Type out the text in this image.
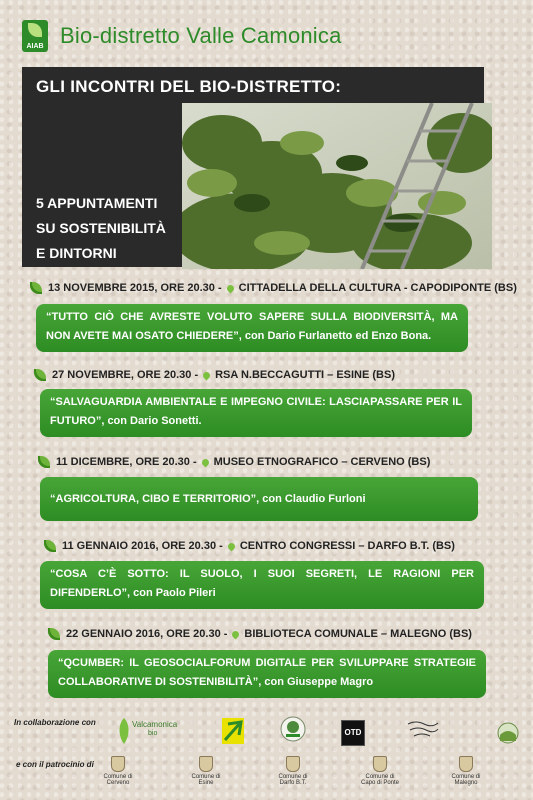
AIAB Bio-distretto Valle Camonica
GLI INCONTRI DEL BIO-DISTRETTO:
5 APPUNTAMENTI
SU SOSTENIBILITÀ
E DINTORNI
13 NOVEMBRE 2015, ORE 20.30 - CITTADELLA DELLA CULTURA - CAPODIPONTE (BS)
“TUTTO CIÒ CHE AVRESTE VOLUTO SAPERE SULLA BIODIVERSITÀ, MA NON AVETE MAI OSATO CHIEDERE”, con Dario Furlanetto ed Enzo Bona.
27 NOVEMBRE, ORE 20.30 - RSA N.BECCAGUTTI – ESINE (BS)
“SALVAGUARDIA AMBIENTALE E IMPEGNO CIVILE: LASCIAPASSARE PER IL FUTURO”, con Dario Sonetti.
11 DICEMBRE, ORE 20.30 - MUSEO ETNOGRAFICO – CERVENO (BS)
“AGRICOLTURA, CIBO E TERRITORIO”, con Claudio Furloni
11 GENNAIO 2016, ORE 20.30 - CENTRO CONGRESSI – DARFO B.T. (BS)
“COSA C’È SOTTO: IL SUOLO, I SUOI SEGRETI, LE RAGIONI PER DIFENDERLO”, con Paolo Pileri
22 GENNAIO 2016, ORE 20.30 - BIBLIOTECA COMUNALE – MALEGNO (BS)
“QCUMBER: IL GEOSOCIALFORUM DIGITALE PER SVILUPPARE STRATEGIE COLLABORATIVE DI SOSTENIBILITÀ”, con Giuseppe Magro
In collaborazione con	Valcamonica
bio	OTD
e con il patrocinio di
Comune di Cerveno
Comune di Esine
Comune di Darfo B.T.
Comune di Capo di Ponte
Comune di Malegno
